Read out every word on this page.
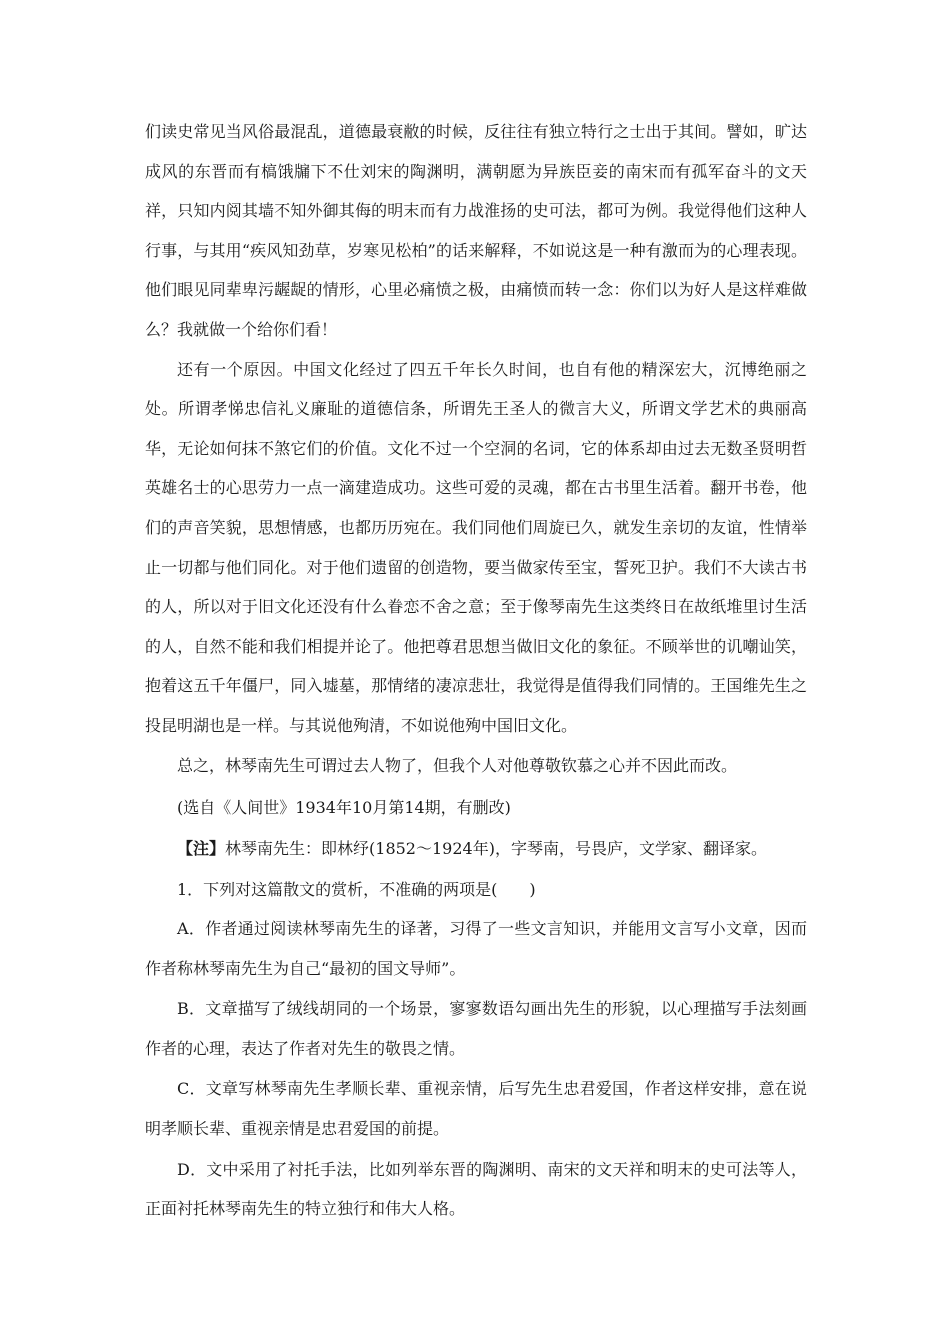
们读史常见当风俗最混乱，道德最衰敝的时候，反往往有独立特行之士出于其间。譬如，旷达成风的东晋而有槁饿牖下不仕刘宋的陶渊明，满朝愿为异族臣妾的南宋而有孤军奋斗的文天祥，只知内阅其墙不知外御其侮的明末而有力战淮扬的史可法，都可为例。我觉得他们这种人行事，与其用“疾风知劲草，岁寒见松柏”的话来解释，不如说这是一种有激而为的心理表现。他们眼见同辈卑污龌龊的情形，心里必痛愤之极，由痛愤而转一念：你们以为好人是这样难做么？我就做一个给你们看！

还有一个原因。中国文化经过了四五千年长久时间，也自有他的精深宏大，沉博绝丽之处。所谓孝悌忠信礼义廉耻的道德信条，所谓先王圣人的微言大义，所谓文学艺术的典丽高华，无论如何抹不煞它们的价值。文化不过一个空洞的名词，它的体系却由过去无数圣贤明哲英雄名士的心思劳力一点一滴建造成功。这些可爱的灵魂，都在古书里生活着。翻开书卷，他们的声音笑貌，思想情感，也都历历宛在。我们同他们周旋已久，就发生亲切的友谊，性情举止一切都与他们同化。对于他们遗留的创造物，要当做家传至宝，誓死卫护。我们不大读古书的人，所以对于旧文化还没有什么眷恋不舍之意；至于像琴南先生这类终日在故纸堆里讨生活的人，自然不能和我们相提并论了。他把尊君思想当做旧文化的象征。不顾举世的讥嘲讪笑，抱着这五千年僵尸，同入墟墓，那情绪的凄凉悲壮，我觉得是值得我们同情的。王国维先生之投昆明湖也是一样。与其说他殉清，不如说他殉中国旧文化。

总之，林琴南先生可谓过去人物了，但我个人对他尊敬钦慕之心并不因此而改。

(选自《人间世》1934年10月第14期，有删改)

【注】林琴南先生：即林纾(1852～1924年)，字琴南，号畏庐，文学家、翻译家。

1．下列对这篇散文的赏析，不准确的两项是(　　)

A．作者通过阅读林琴南先生的译著，习得了一些文言知识，并能用文言写小文章，因而作者称林琴南先生为自己“最初的国文导师”。

B．文章描写了绒线胡同的一个场景，寥寥数语勾画出先生的形貌，以心理描写手法刻画作者的心理，表达了作者对先生的敬畏之情。

C．文章写林琴南先生孝顺长辈、重视亲情，后写先生忠君爱国，作者这样安排，意在说明孝顺长辈、重视亲情是忠君爱国的前提。

D．文中采用了衬托手法，比如列举东晋的陶渊明、南宋的文天祥和明末的史可法等人，正面衬托林琴南先生的特立独行和伟大人格。
